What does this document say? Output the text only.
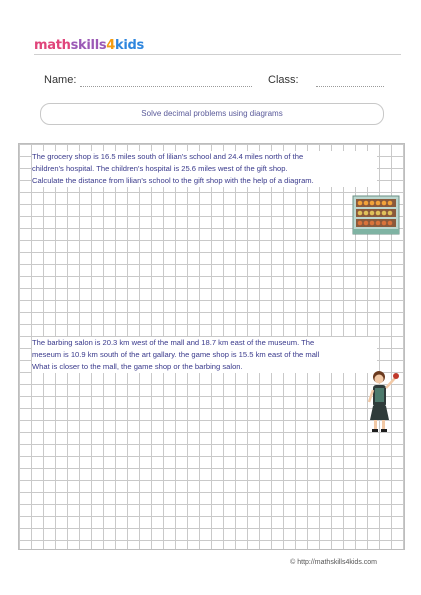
mathskills4kids
Name:	Class:
Solve decimal problems using diagrams
The grocery shop is 16.5 miles south of lilian's school and 24.4 miles north of the
children's hospital. The children's hospital is 25.6 miles west of the gift shop.
Calculate the distance from lilian's school to the gift shop with the help of a diagram.
The barbing salon is 20.3 km west of the mall and 18.7 km east of the museum. The
meseum is 10.9 km south of the art gallary. the game shop is 15.5 km east of the mall
What is closer to the mall, the game shop or the barbing salon.
© http://mathskills4kids.com
